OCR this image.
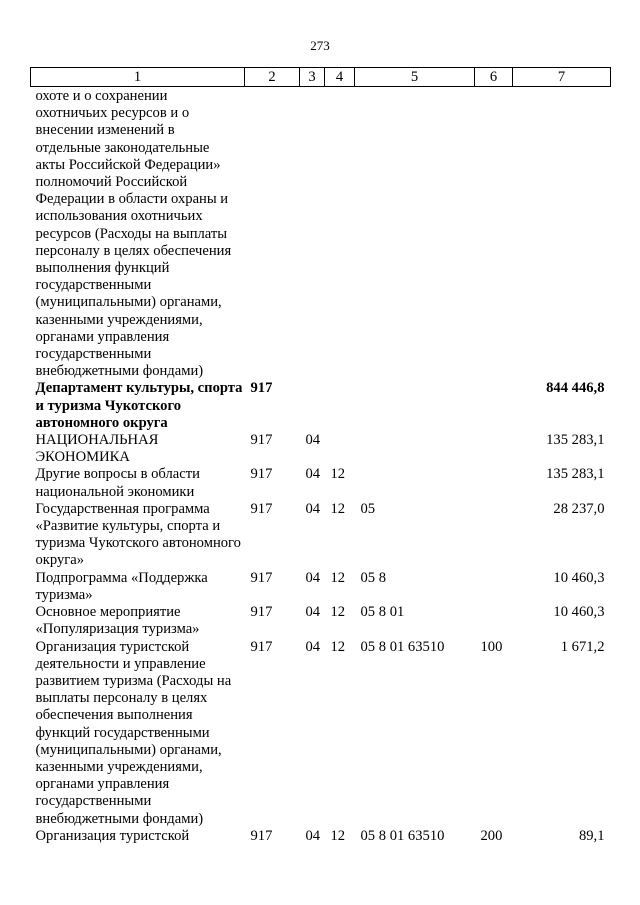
273
1	2	3	4	5	6	7
охоте и о сохранении охотничьих ресурсов и о внесении изменений в отдельные законодательные акты Российской Федерации» полномочий Российской Федерации в области охраны и использования охотничьих ресурсов (Расходы на выплаты персоналу в целях обеспечения выполнения функций государственными (муниципальными) органами, казенными учреждениями, органами управления государственными внебюджетными фондами)						
Департамент культуры, спорта и туризма Чукотского автономного округа	917					844 446,8
НАЦИОНАЛЬНАЯ ЭКОНОМИКА	917	04				135 283,1
Другие вопросы в области национальной экономики	917	04	12			135 283,1
Государственная программа «Развитие культуры, спорта и туризма Чукотского автономного округа»	917	04	12	05		28 237,0
Подпрограмма «Поддержка туризма»	917	04	12	05 8		10 460,3
Основное мероприятие «Популяризация туризма»	917	04	12	05 8 01		10 460,3
Организация туристской деятельности и управление развитием туризма (Расходы на выплаты персоналу в целях обеспечения выполнения функций государственными (муниципальными) органами, казенными учреждениями, органами управления государственными внебюджетными фондами)	917	04	12	05 8 01 63510	100	1 671,2
Организация туристской	917	04	12	05 8 01 63510	200	89,1
